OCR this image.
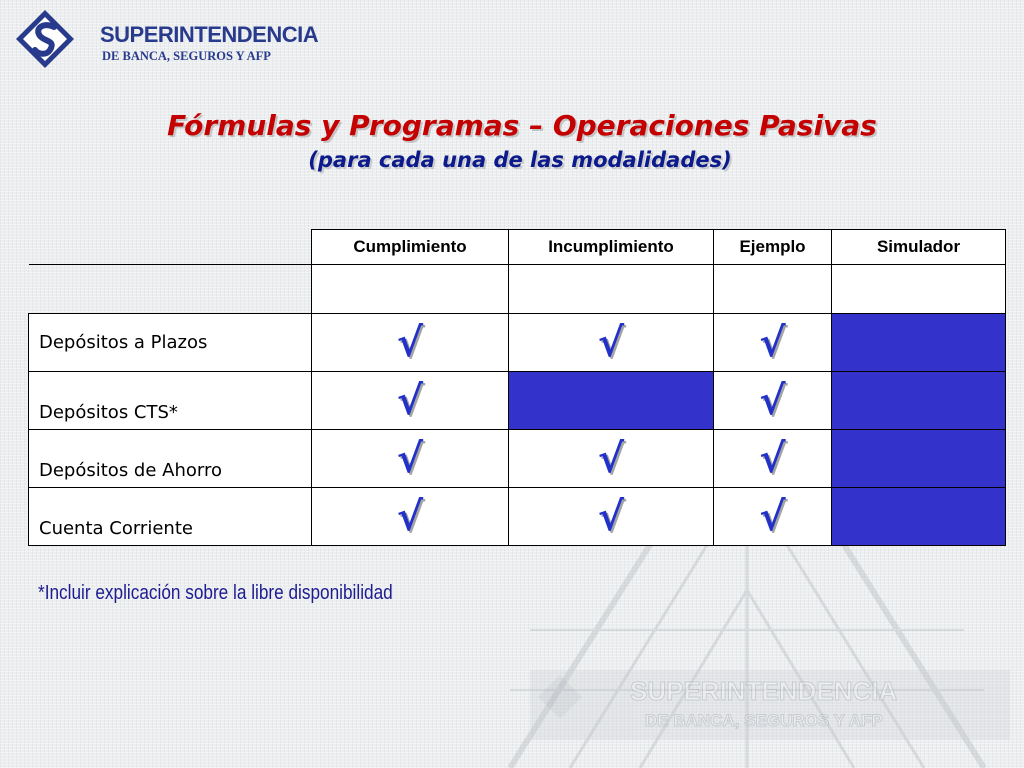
SUPERINTENDENCIA
DE BANCA, SEGUROS Y AFP
SUPERINTENDENCIA
DE BANCA, SEGUROS Y AFP
Fórmulas y Programas – Operaciones Pasivas
(para cada una de las modalidades)
	Cumplimiento	Incumplimiento	Ejemplo	Simulador

Depósitos a Plazos	√	√	√	
Depósitos CTS*	√		√	
Depósitos de Ahorro	√	√	√	
Cuenta Corriente	√	√	√	
*Incluir explicación sobre la libre disponibilidad
